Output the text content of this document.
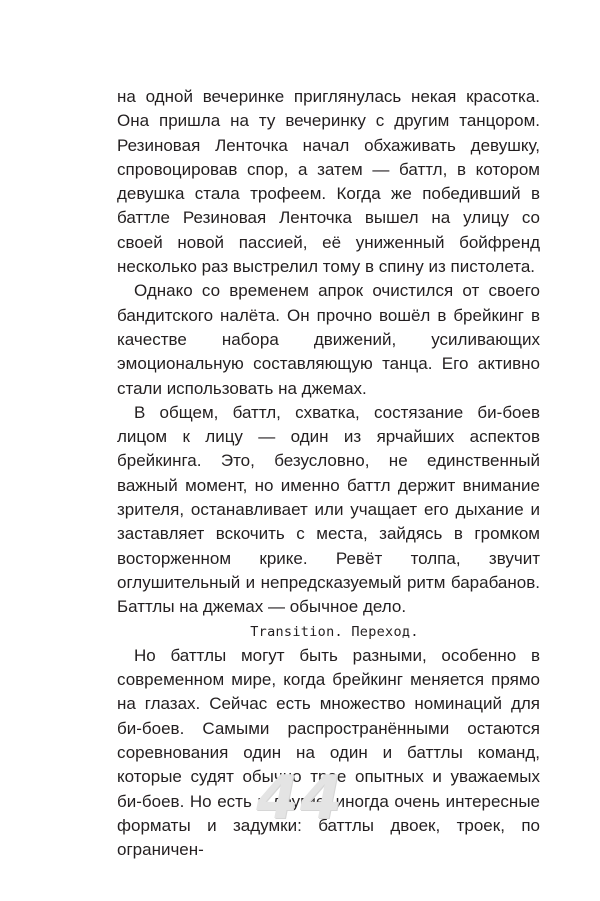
на одной вечеринке приглянулась некая красотка. Она пришла на ту вечеринку с другим танцором. Резиновая Ленточка начал обхаживать девушку, спровоцировав спор, а затем — баттл, в котором девушка стала трофеем. Когда же победивший в баттле Резиновая Ленточка вышел на улицу со своей новой пассией, её униженный бойфренд несколько раз выстрелил тому в спину из пистолета.

Однако со временем апрок очистился от своего бандитского налёта. Он прочно вошёл в брейкинг в качестве набора движений, усиливающих эмоциональную составляющую танца. Его активно стали использовать на джемах.

В общем, баттл, схватка, состязание би-боев лицом к лицу — один из ярчайших аспектов брейкинга. Это, безусловно, не единственный важный момент, но именно баттл держит внимание зрителя, останавливает или учащает его дыхание и заставляет вскочить с места, зайдясь в громком восторженном крике. Ревёт толпа, звучит оглушительный и непредсказуемый ритм барабанов. Баттлы на джемах — обычное дело.

Transition. Переход.

Но баттлы могут быть разными, особенно в современном мире, когда брейкинг меняется прямо на глазах. Сейчас есть множество номинаций для би-боев. Самыми распространёнными остаются соревнования один на один и баттлы команд, которые судят обычно трое опытных и уважаемых би-боев. Но есть и другие, иногда очень интересные форматы и задумки: баттлы двоек, троек, по ограничен-

44
